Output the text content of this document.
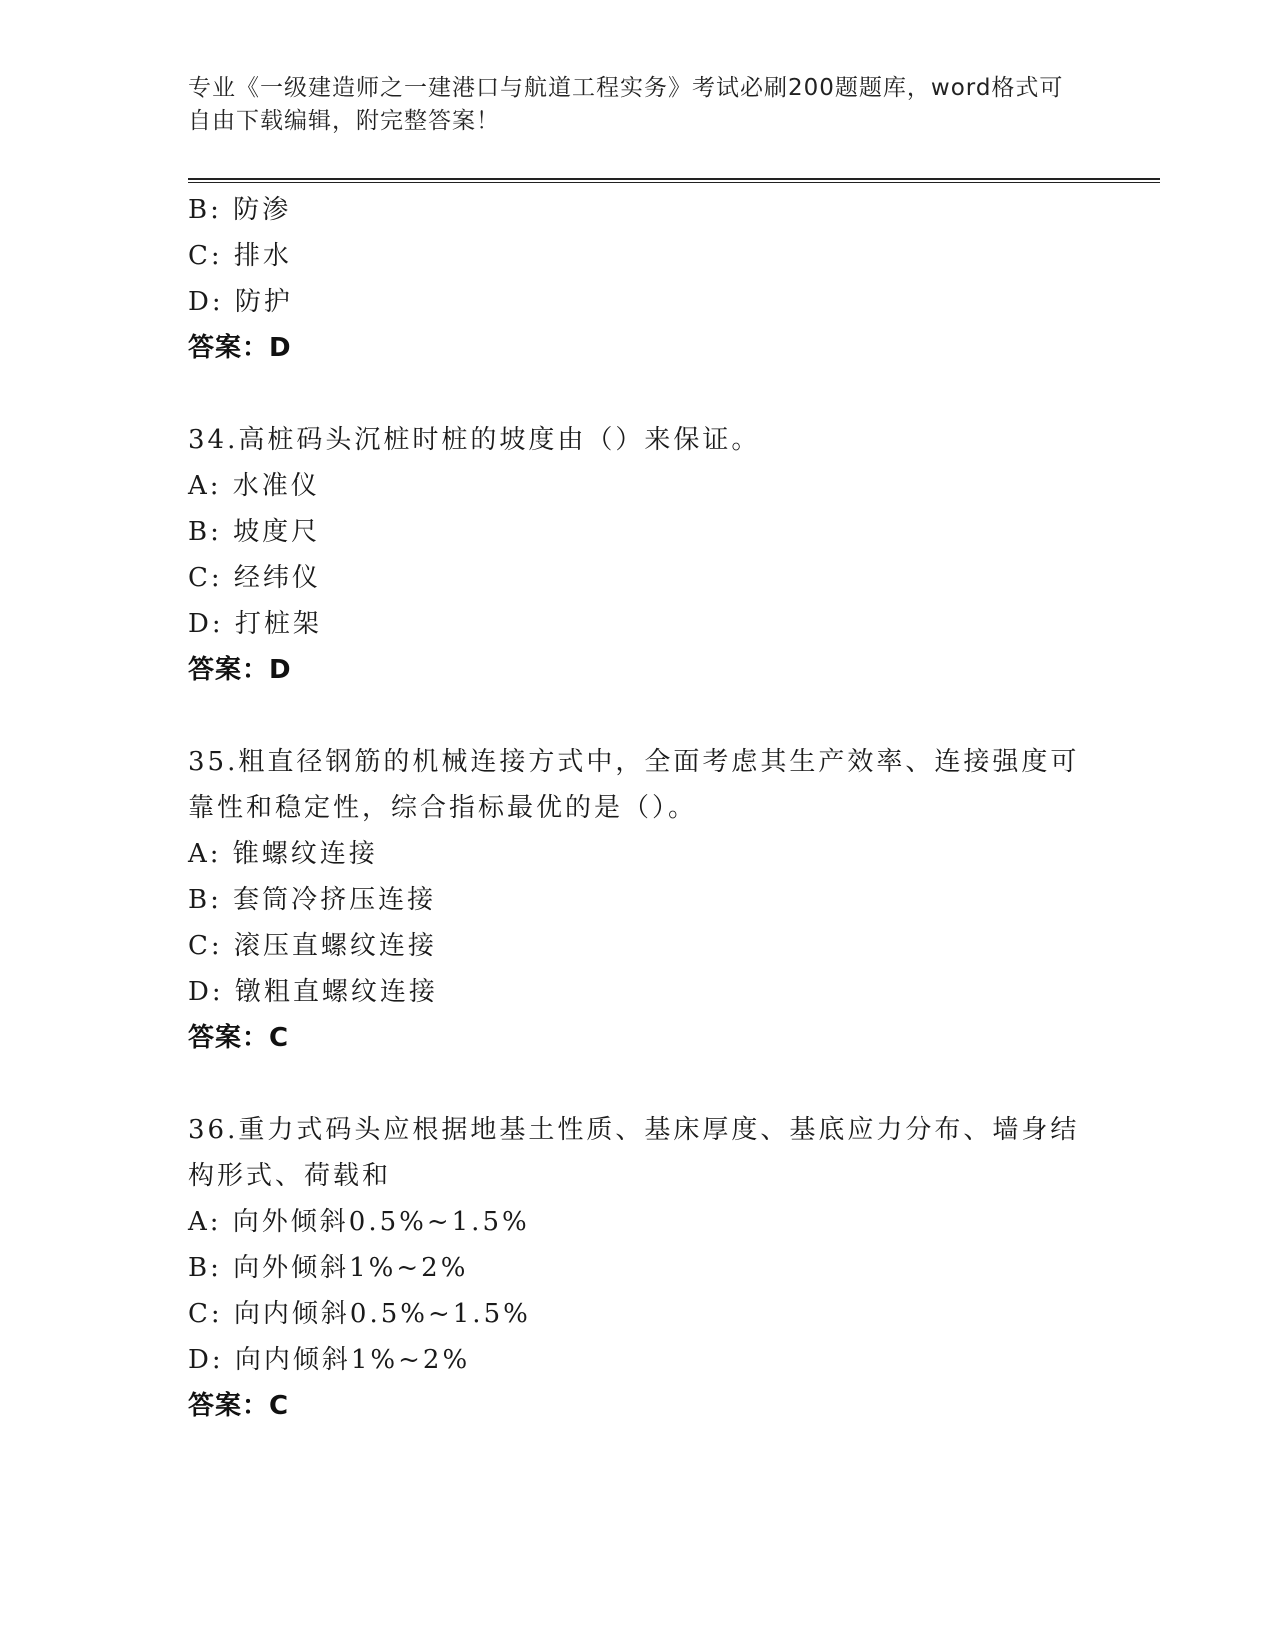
专业《一级建造师之一建港口与航道工程实务》考试必刷200题题库，word格式可自由下载编辑，附完整答案！
B: 防渗
C: 排水
D: 防护
答案：D
34.高桩码头沉桩时桩的坡度由（）来保证。
A: 水准仪
B: 坡度尺
C: 经纬仪
D: 打桩架
答案：D
35.粗直径钢筋的机械连接方式中，全面考虑其生产效率、连接强度可靠性和稳定性，综合指标最优的是（）。
A: 锥螺纹连接
B: 套筒冷挤压连接
C: 滚压直螺纹连接
D: 镦粗直螺纹连接
答案：C
36.重力式码头应根据地基土性质、基床厚度、基底应力分布、墙身结构形式、荷载和
A: 向外倾斜0.5%~1.5%
B: 向外倾斜1%~2%
C: 向内倾斜0.5%~1.5%
D: 向内倾斜1%~2%
答案：C
